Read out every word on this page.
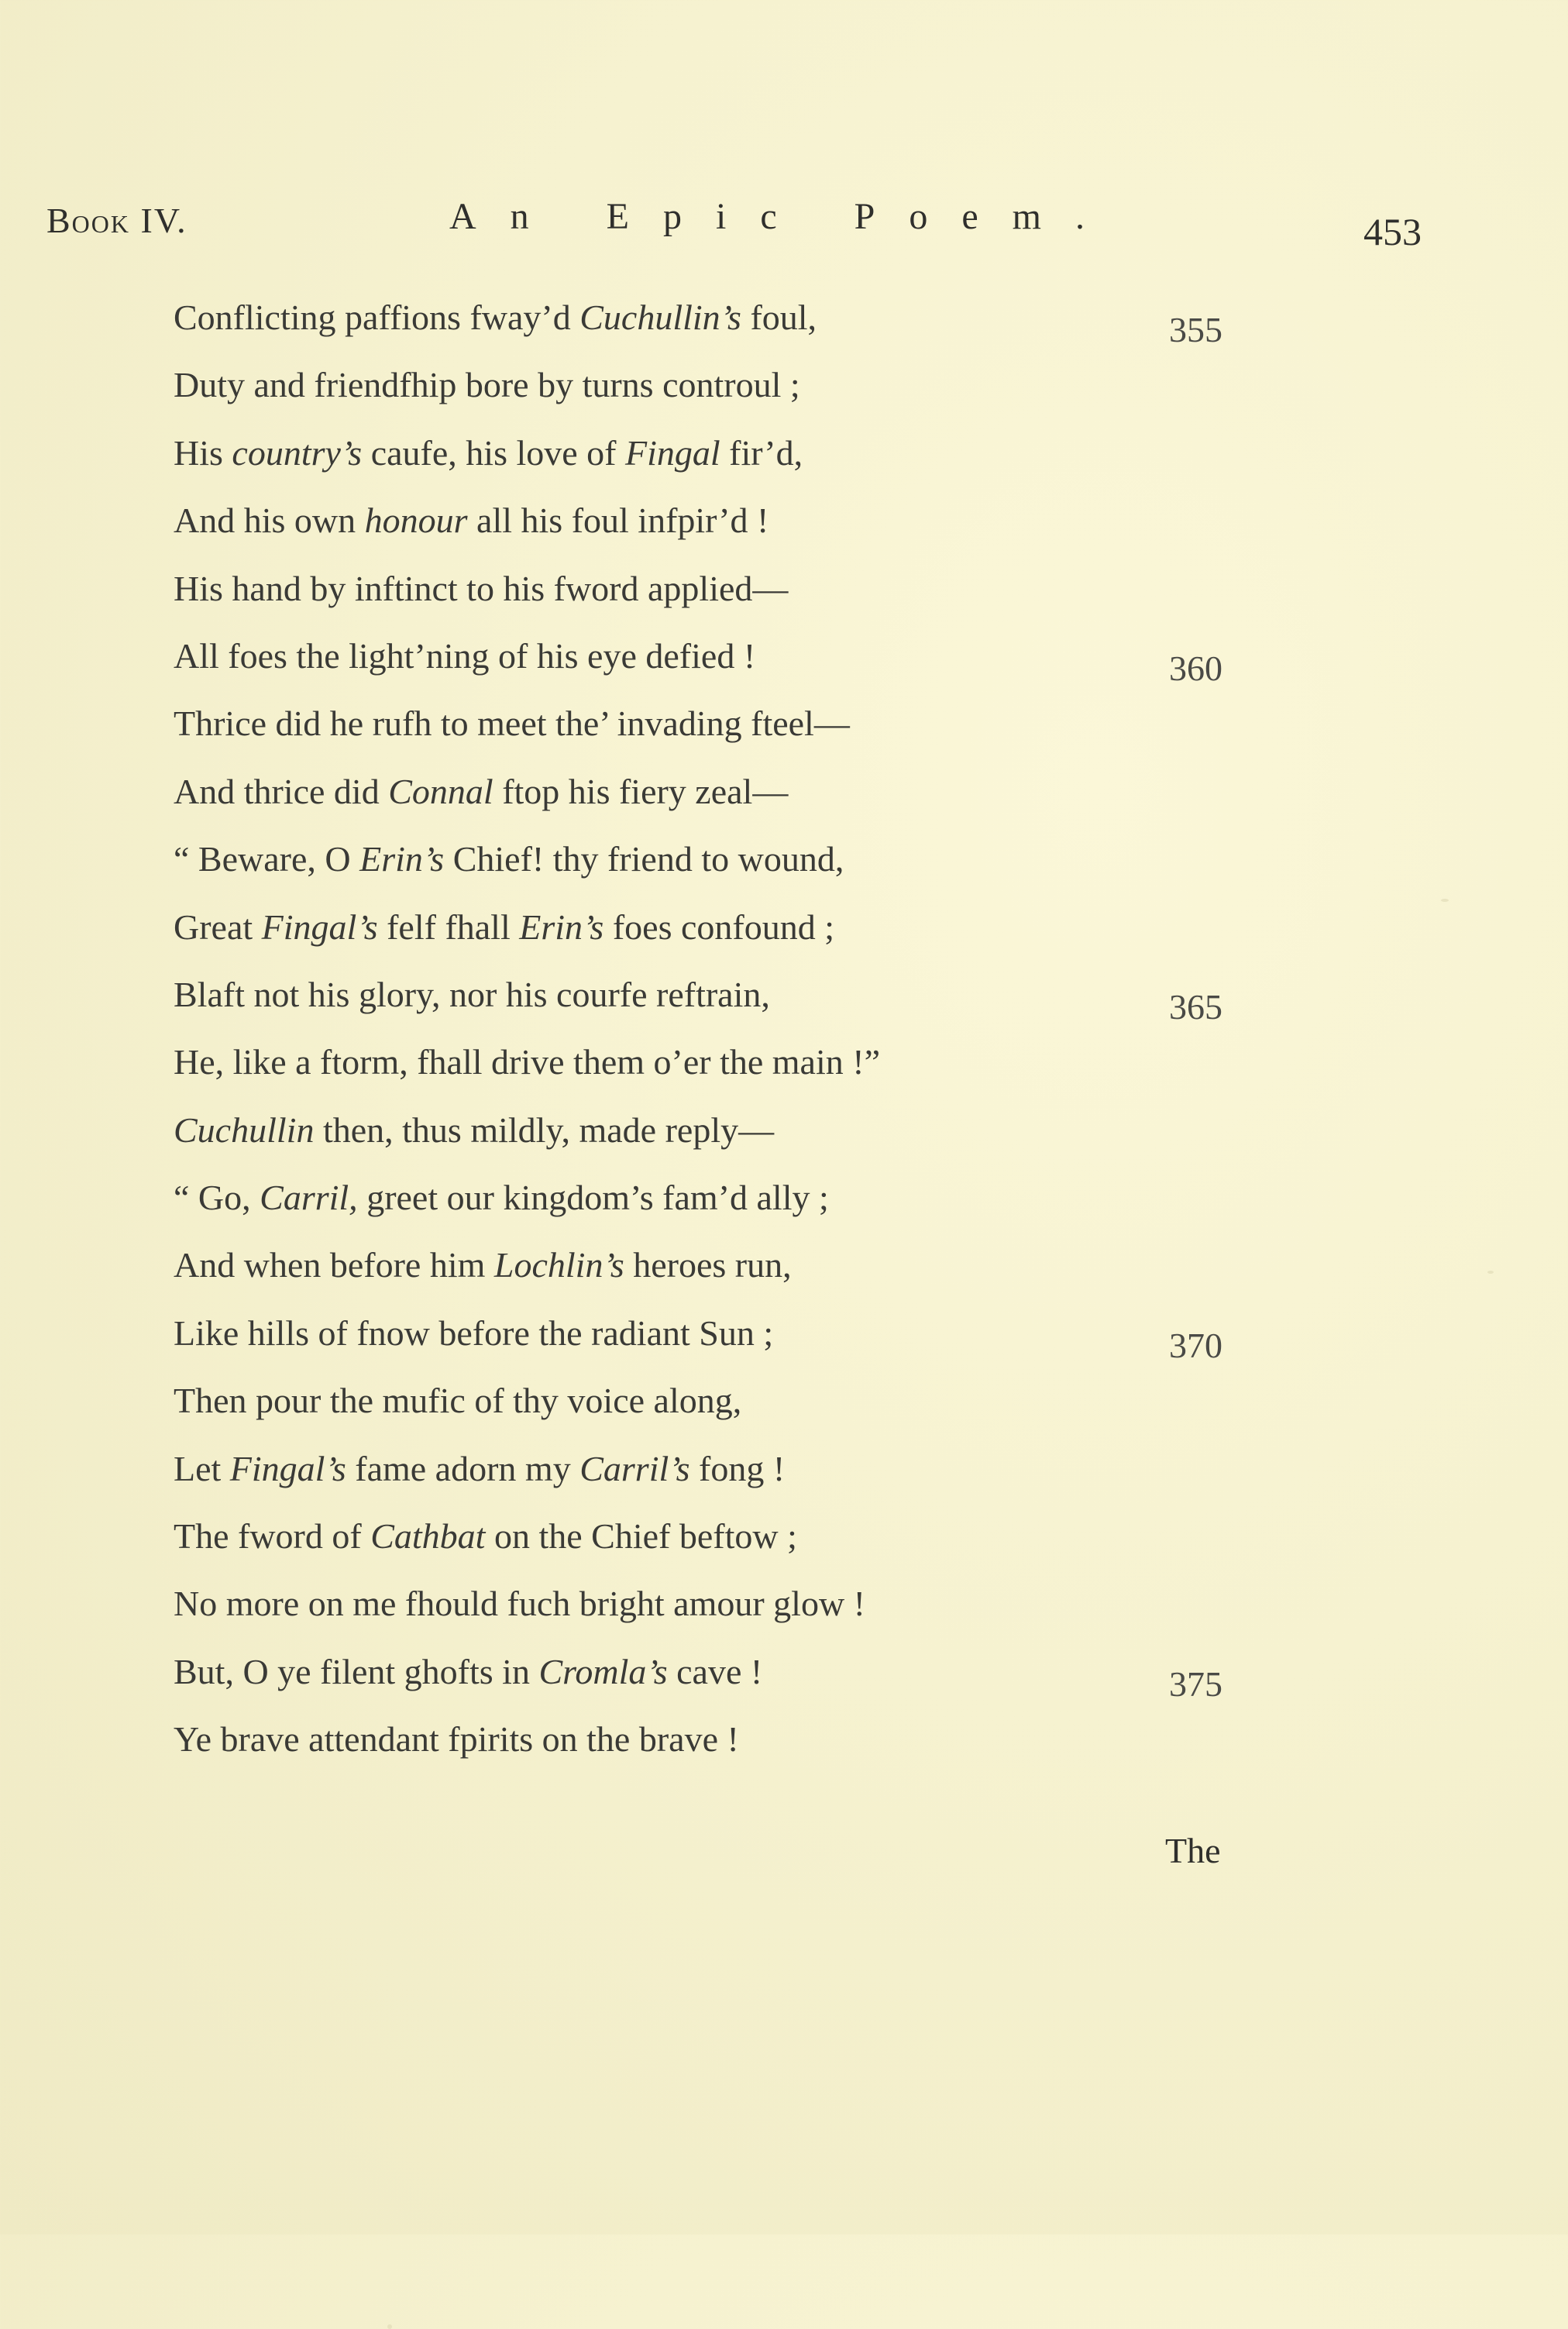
Book IV.	An Epic Poem.	453
Conflicting paffions fway’d Cuchullin’s foul,	355
Duty and friendfhip bore by turns controul ;
His country’s caufe, his love of Fingal fir’d,
And his own honour all his foul infpir’d !
His hand by inftinct to his fword applied—
All foes the light’ning of his eye defied !	360
Thrice did he rufh to meet the’ invading fteel—
And thrice did Connal ftop his fiery zeal—
“ Beware, O Erin’s Chief! thy friend to wound,
Great Fingal’s felf fhall Erin’s foes confound ;
Blaft not his glory, nor his courfe reftrain,	365
He, like a ftorm, fhall drive them o’er the main !”
Cuchullin then, thus mildly, made reply—
“ Go, Carril, greet our kingdom’s fam’d ally ;
And when before him Lochlin’s heroes run,
Like hills of fnow before the radiant Sun ;	370
Then pour the mufic of thy voice along,
Let Fingal’s fame adorn my Carril’s fong !
The fword of Cathbat on the Chief beftow ;
No more on me fhould fuch bright amour glow !
But, O ye filent ghofts in Cromla’s cave !	375
Ye brave attendant fpirits on the brave !
The
